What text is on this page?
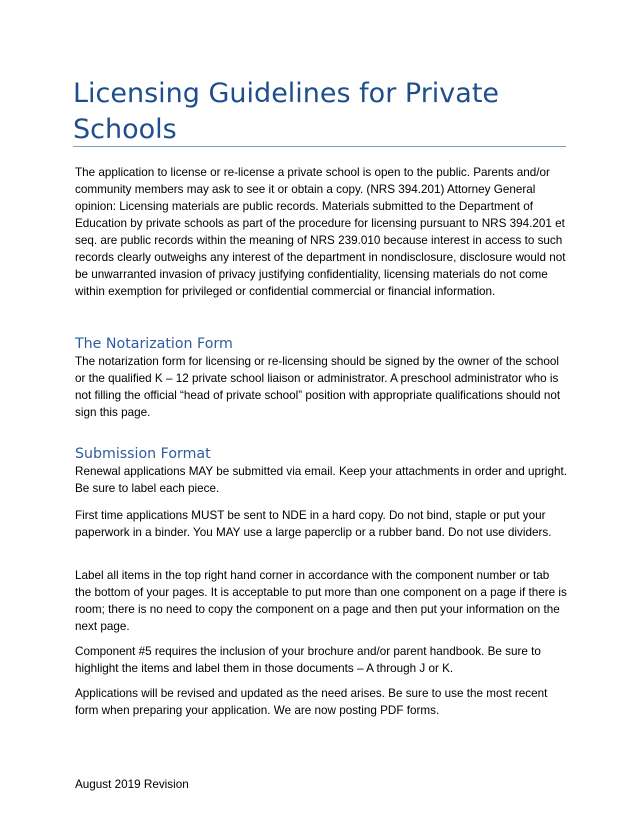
Licensing Guidelines for Private Schools

The application to license or re-license a private school is open to the public. Parents and/or community members may ask to see it or obtain a copy. (NRS 394.201) Attorney General opinion: Licensing materials are public records. Materials submitted to the Department of Education by private schools as part of the procedure for licensing pursuant to NRS 394.201 et seq. are public records within the meaning of NRS 239.010 because interest in access to such records clearly outweighs any interest of the department in nondisclosure, disclosure would not be unwarranted invasion of privacy justifying confidentiality, licensing materials do not come within exemption for privileged or confidential commercial or financial information.

The Notarization Form

The notarization form for licensing or re-licensing should be signed by the owner of the school or the qualified K – 12 private school liaison or administrator. A preschool administrator who is not filling the official “head of private school” position with appropriate qualifications should not sign this page.

Submission Format

Renewal applications MAY be submitted via email. Keep your attachments in order and upright. Be sure to label each piece.

First time applications MUST be sent to NDE in a hard copy. Do not bind, staple or put your paperwork in a binder. You MAY use a large paperclip or a rubber band. Do not use dividers.

Label all items in the top right hand corner in accordance with the component number or tab the bottom of your pages. It is acceptable to put more than one component on a page if there is room; there is no need to copy the component on a page and then put your information on the next page.

Component #5 requires the inclusion of your brochure and/or parent handbook. Be sure to highlight the items and label them in those documents – A through J or K.

Applications will be revised and updated as the need arises. Be sure to use the most recent form when preparing your application. We are now posting PDF forms.

August 2019 Revision
